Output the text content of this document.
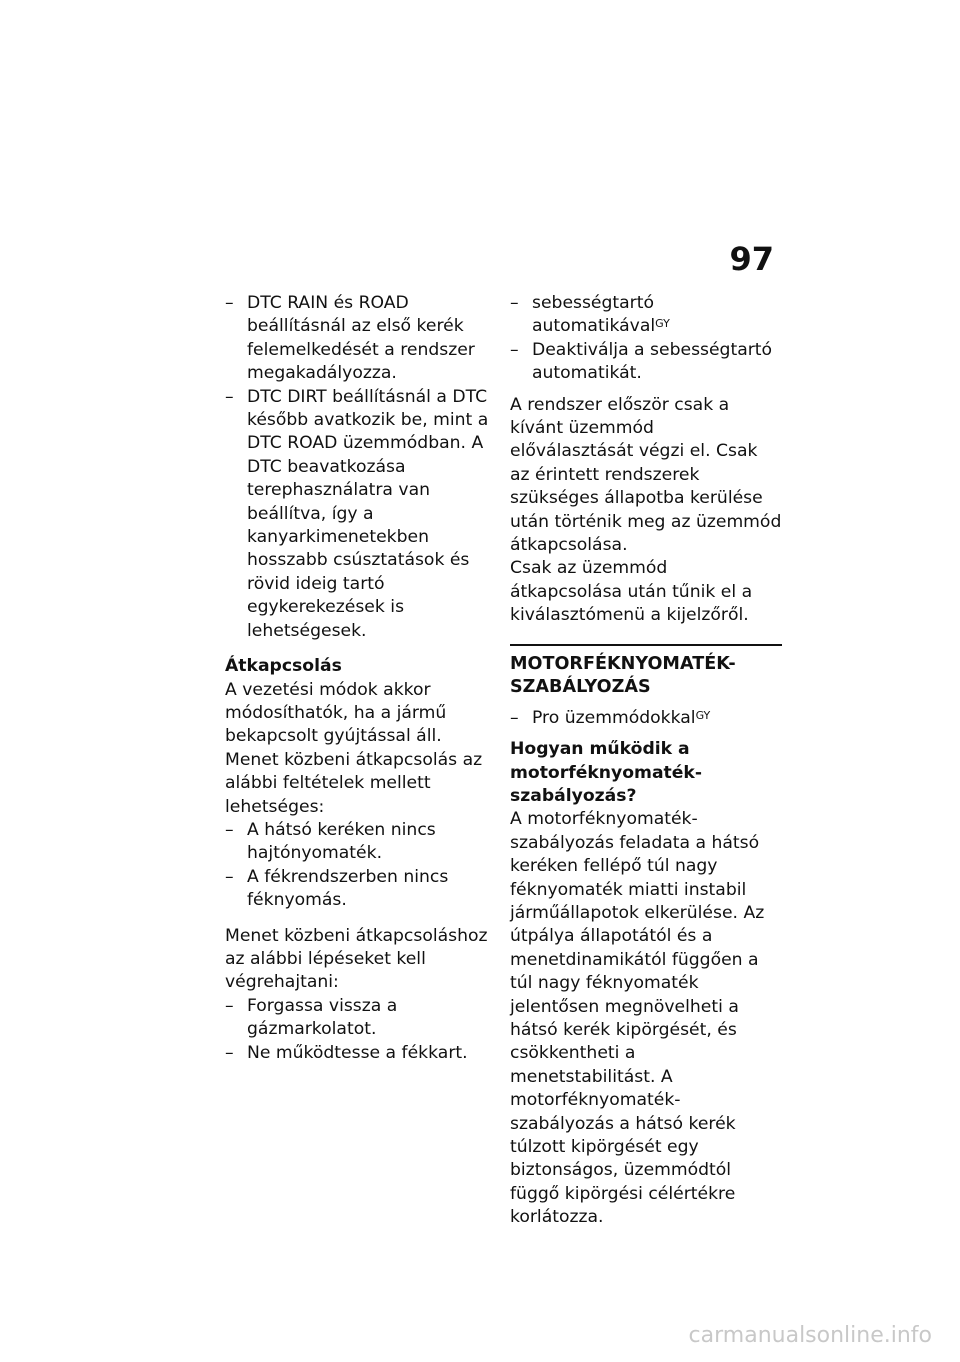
97
– DTC RAIN és ROAD beállításnál az első kerék felemelkedését a rendszer megakadályozza.
– DTC DIRT beállításnál a DTC később avatkozik be, mint a DTC ROAD üzemmódban. A DTC beavatkozása terephasználatra van beállítva, így a kanyarkimenetekben hosszabb csúsztatások és rövid ideig tartó egykerekezések is lehetségesek.
Átkapcsolás
A vezetési módok akkor módosíthatók, ha a jármű bekapcsolt gyújtással áll. Menet közbeni átkapcsolás az alábbi feltételek mellett lehetséges:
– A hátsó keréken nincs hajtónyomaték.
– A fékrendszerben nincs féknyomás.
Menet közbeni átkapcsoláshoz az alábbi lépéseket kell végrehajtani:
– Forgassa vissza a gázmarkolatot.
– Ne működtesse a fékkart.
– sebességtartó automatikával$^{GY}$
– Deaktiválja a sebességtartó automatikát.
A rendszer először csak a kívánt üzemmód előválasztását végzi el. Csak az érintett rendszerek szükséges állapotba kerülése után történik meg az üzemmód átkapcsolása.
Csak az üzemmód átkapcsolása után tűnik el a kiválasztómenü a kijelzőről.
MOTORFÉKNYOMATÉK-SZABÁLYOZÁS
– Pro üzemmódokkal$^{GY}$
Hogyan működik a motorféknyomaték-szabályozás?
A motorféknyomaték-szabályozás feladata a hátsó keréken fellépő túl nagy féknyomaték miatti instabil járműállapotok elkerülése. Az útpálya állapotától és a menetdinamikától függően a túl nagy féknyomaték jelentősen megnövelheti a hátsó kerék kipörgését, és csökkentheti a menetstabilitást. A motorféknyomaték-szabályozás a hátsó kerék túlzott kipörgését egy biztonságos, üzemmódtól függő kipörgési célértékre korlátozza.
carmanualsonline.info
